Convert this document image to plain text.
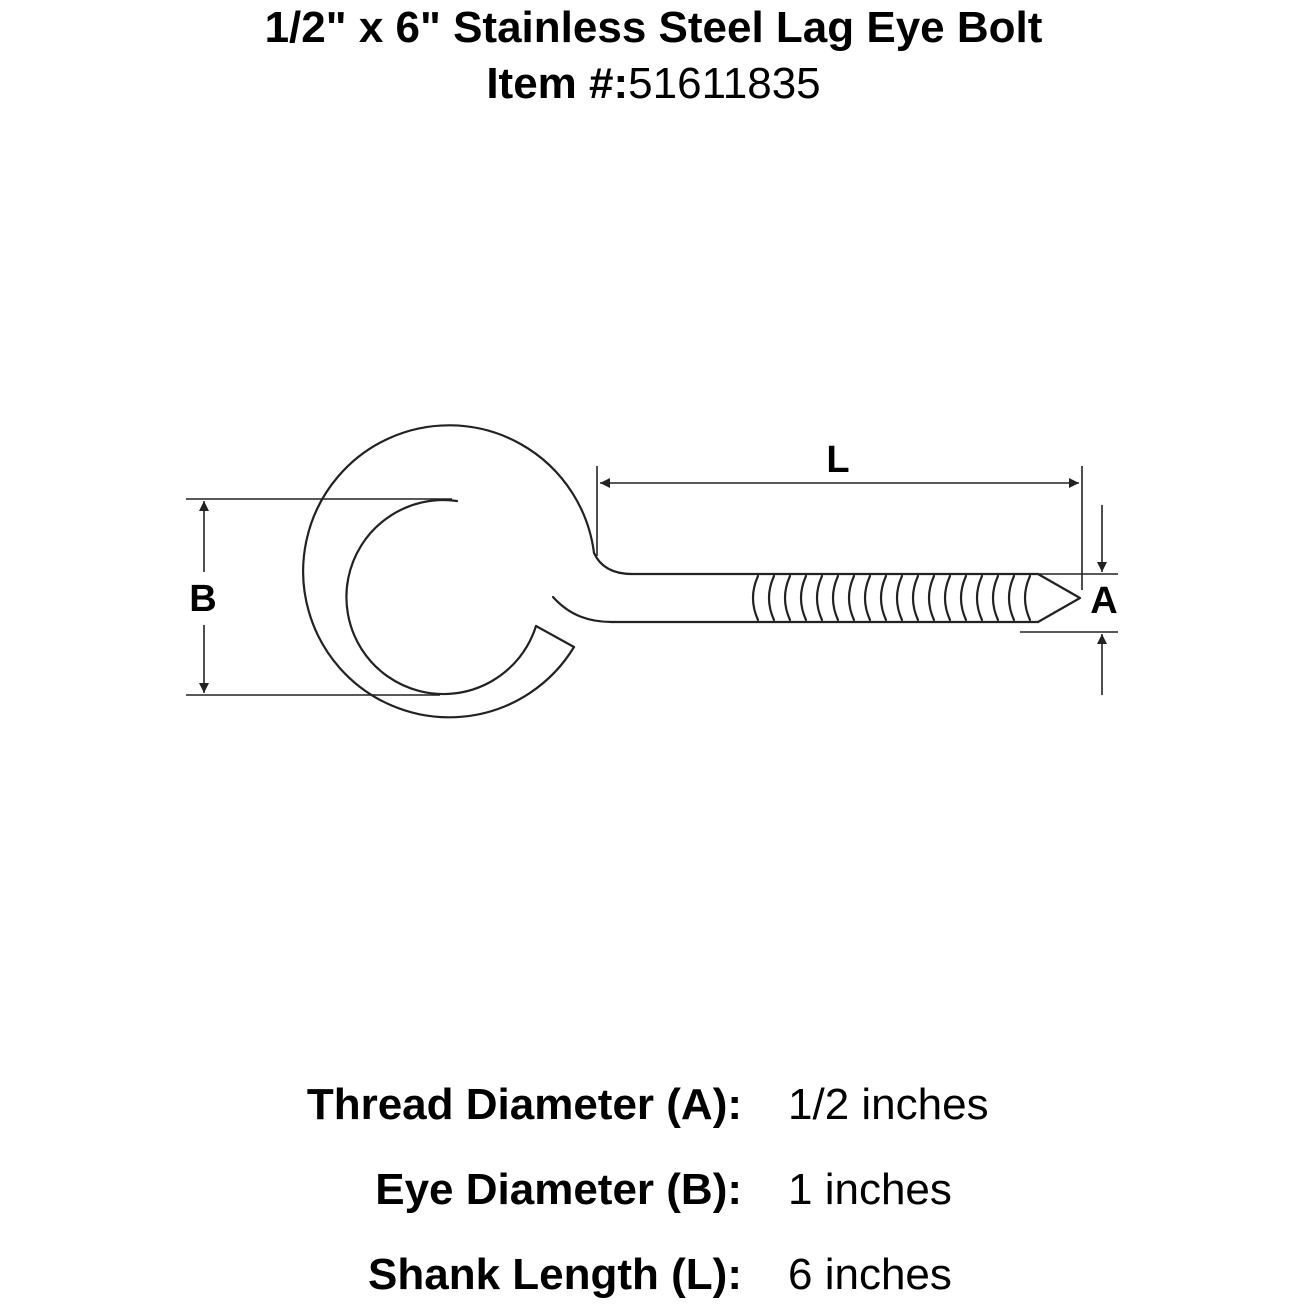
1/2" x 6" Stainless Steel Lag Eye Bolt
Item #:51611835
L
B	A
Thread Diameter (A): 1/2 inches
Eye Diameter (B): 1 inches
Shank Length (L): 6 inches
